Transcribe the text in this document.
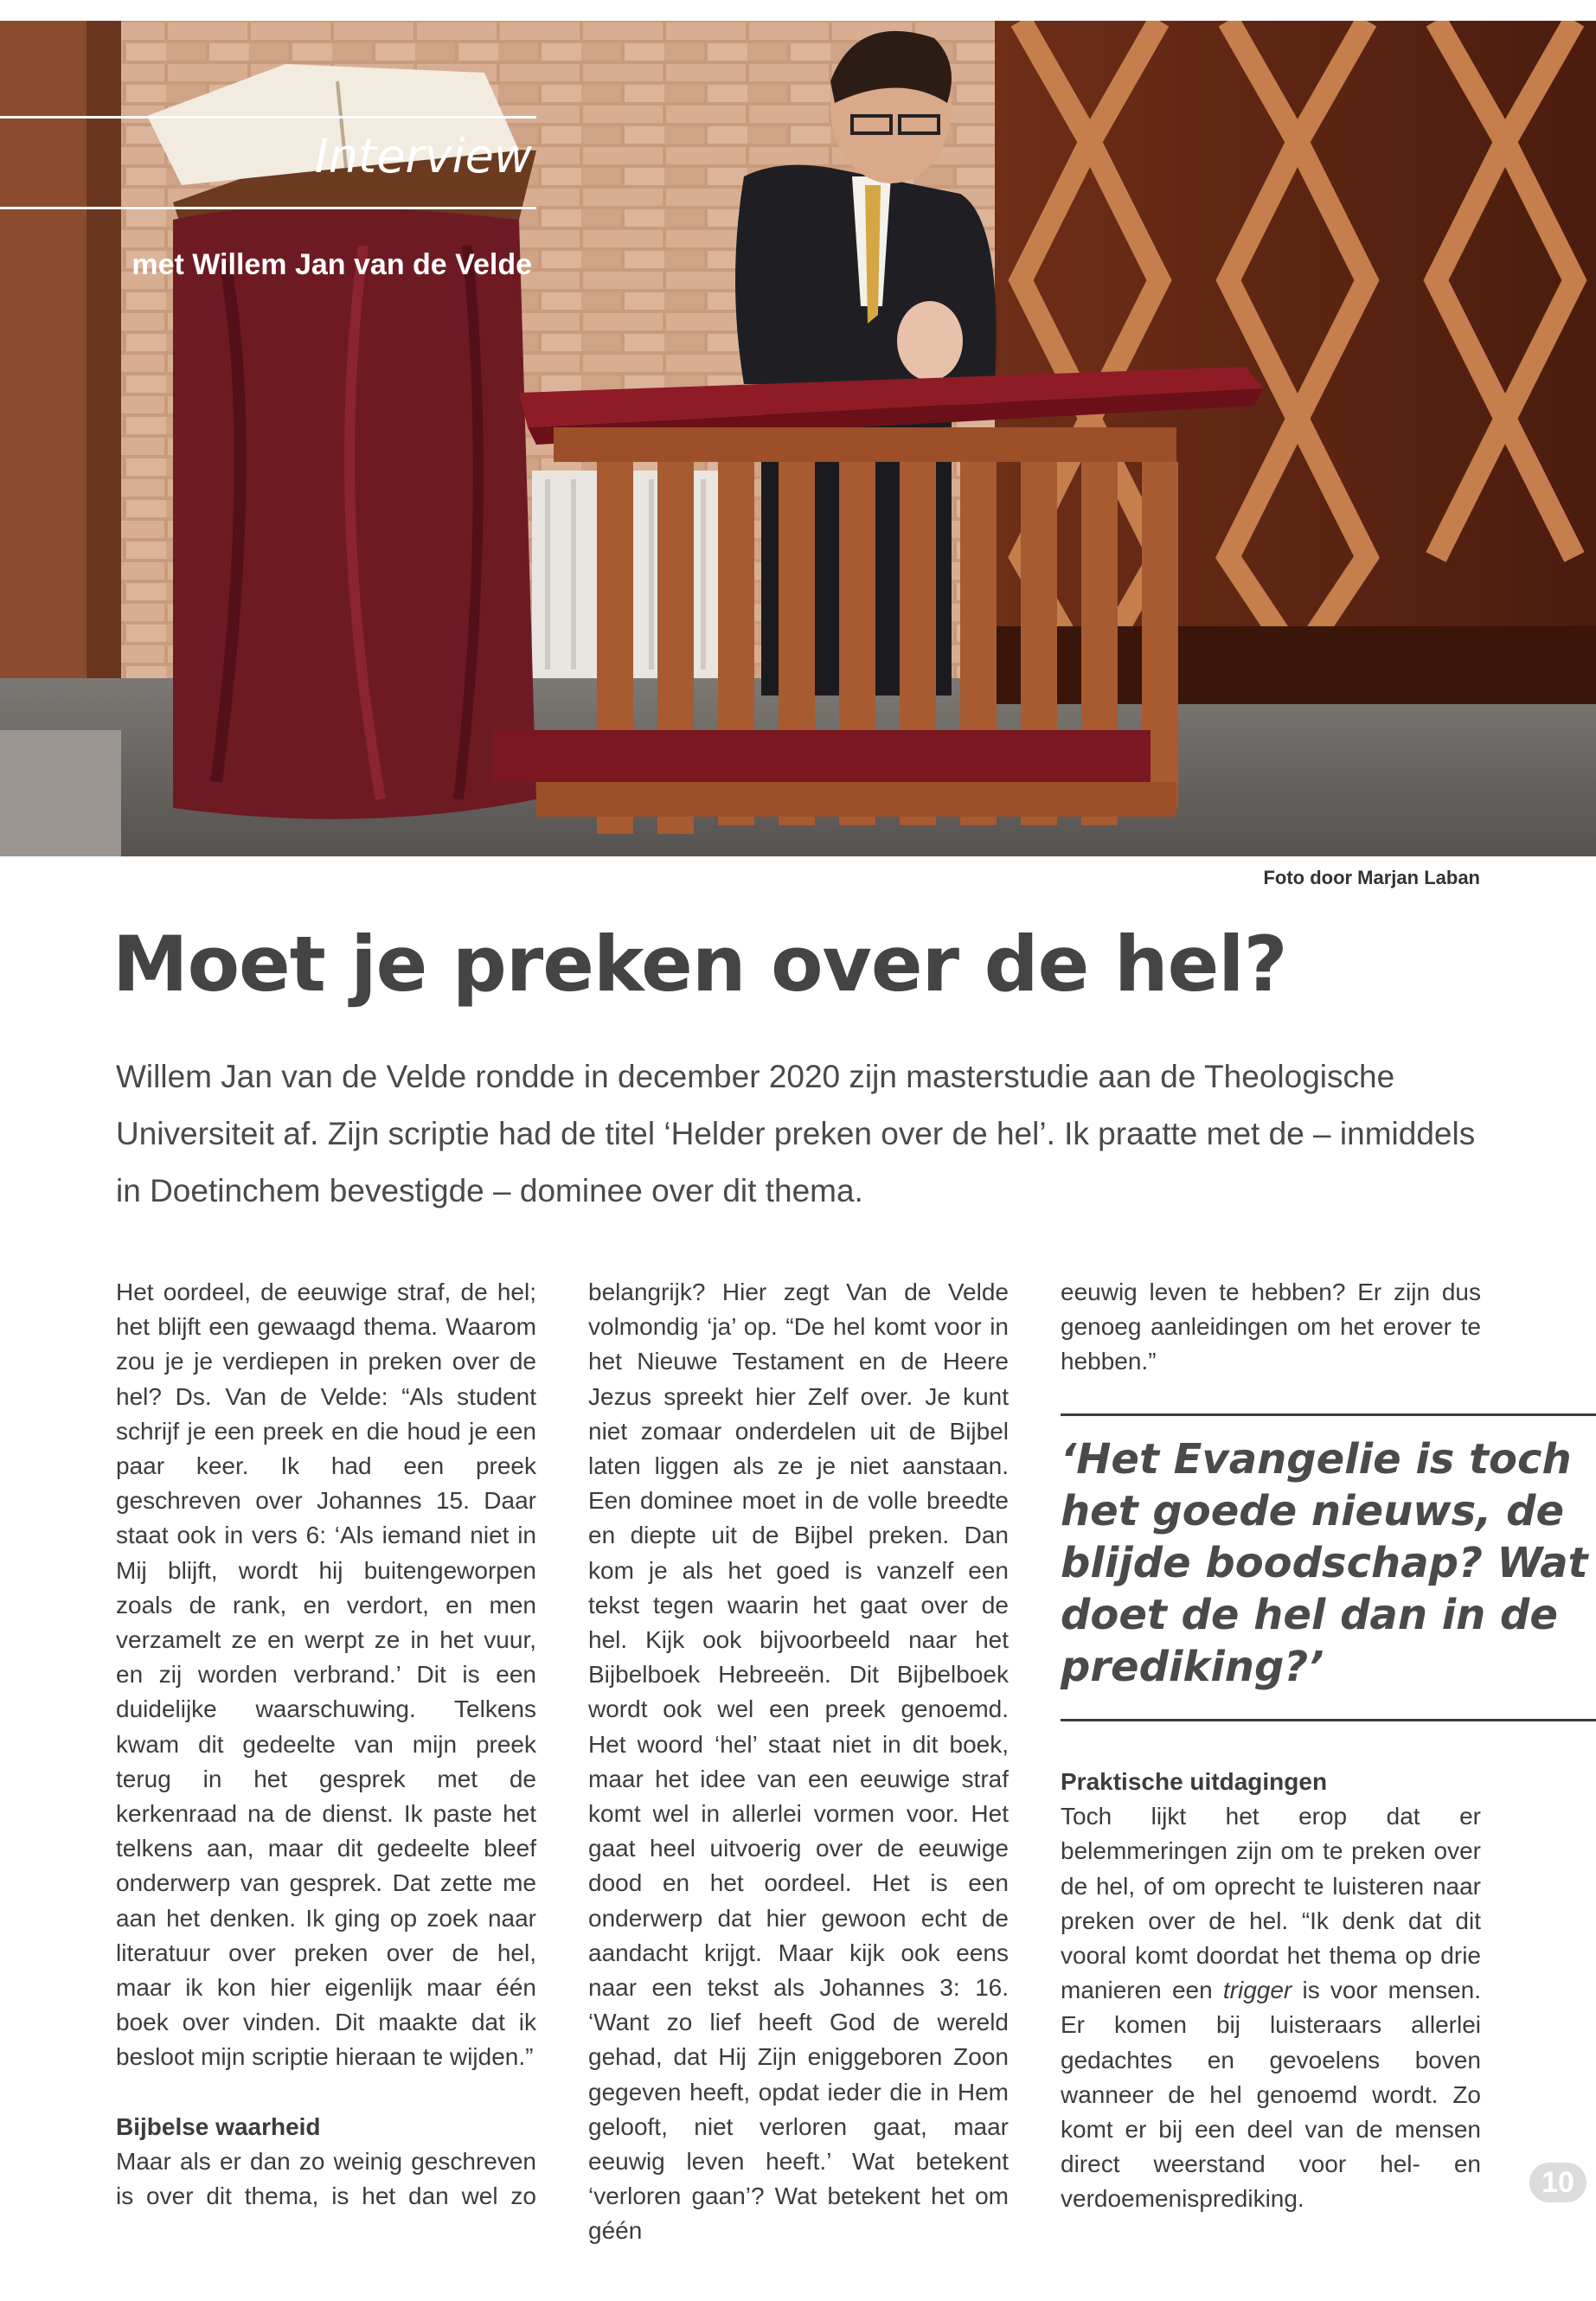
Interview
met Willem Jan van de Velde
Foto door Marjan Laban
Moet je preken over de hel?
Willem Jan van de Velde rondde in december 2020 zijn masterstudie aan de Theologische Universiteit af. Zijn scriptie had de titel ‘Helder preken over de hel’. Ik praatte met de – inmiddels in Doetinchem bevestigde – dominee over dit thema.

Het oordeel, de eeuwige straf, de hel; het blijft een gewaagd thema. Waarom zou je je verdiepen in preken over de hel? Ds. Van de Velde: “Als student schrijf je een preek en die houd je een paar keer. Ik had een preek geschreven over Johannes 15. Daar staat ook in vers 6: ‘Als iemand niet in Mij blijft, wordt hij buitengeworpen zoals de rank, en verdort, en men verzamelt ze en werpt ze in het vuur, en zij worden verbrand.’ Dit is een duidelijke waarschuwing. Telkens kwam dit gedeelte van mijn preek terug in het gesprek met de kerkenraad na de dienst. Ik paste het telkens aan, maar dit gedeelte bleef onderwerp van gesprek. Dat zette me aan het denken. Ik ging op zoek naar literatuur over preken over de hel, maar ik kon hier eigenlijk maar één boek over vinden. Dit maakte dat ik besloot mijn scriptie hieraan te wijden.”

Bijbelse waarheid

Maar als er dan zo weinig geschreven is over dit thema, is het dan wel zo

belangrijk? Hier zegt Van de Velde volmondig ‘ja’ op. “De hel komt voor in het Nieuwe Testament en de Heere Jezus spreekt hier Zelf over. Je kunt niet zomaar onderdelen uit de Bijbel laten liggen als ze je niet aanstaan. Een dominee moet in de volle breedte en diepte uit de Bijbel preken. Dan kom je als het goed is vanzelf een tekst tegen waarin het gaat over de hel. Kijk ook bijvoorbeeld naar het Bijbelboek Hebreeën. Dit Bijbelboek wordt ook wel een preek genoemd. Het woord ‘hel’ staat niet in dit boek, maar het idee van een eeuwige straf komt wel in allerlei vormen voor. Het gaat heel uitvoerig over de eeuwige dood en het oordeel. Het is een onderwerp dat hier gewoon echt de aandacht krijgt. Maar kijk ook eens naar een tekst als Johannes 3: 16. ‘Want zo lief heeft God de wereld gehad, dat Hij Zijn eniggeboren Zoon gegeven heeft, opdat ieder die in Hem gelooft, niet verloren gaat, maar eeuwig leven heeft.’ Wat betekent ‘verloren gaan’? Wat betekent het om géén

eeuwig leven te hebben? Er zijn dus genoeg aanleidingen om het erover te hebben.”

‘Het Evangelie is toch het goede nieuws, de blijde boodschap? Wat doet de hel dan in de prediking?’
Praktische uitdagingen

Toch lijkt het erop dat er belemmeringen zijn om te preken over de hel, of om oprecht te luisteren naar preken over de hel. “Ik denk dat dit vooral komt doordat het thema op drie manieren een trigger is voor mensen. Er komen bij luisteraars allerlei gedachtes en gevoelens boven wanneer de hel genoemd wordt. Zo komt er bij een deel van de mensen direct weerstand voor hel- en verdoemenisprediking.	10
